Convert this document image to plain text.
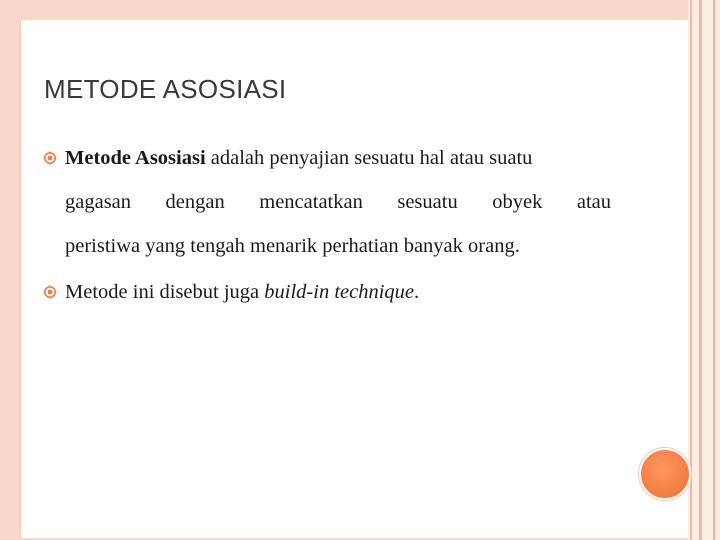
METODE ASOSIASI
Metode Asosiasi adalah penyajian sesuatu hal atau suatu
gagasan dengan mencatatkan sesuatu obyek atau
peristiwa yang tengah menarik perhatian banyak orang.
Metode ini disebut juga build-in technique.
